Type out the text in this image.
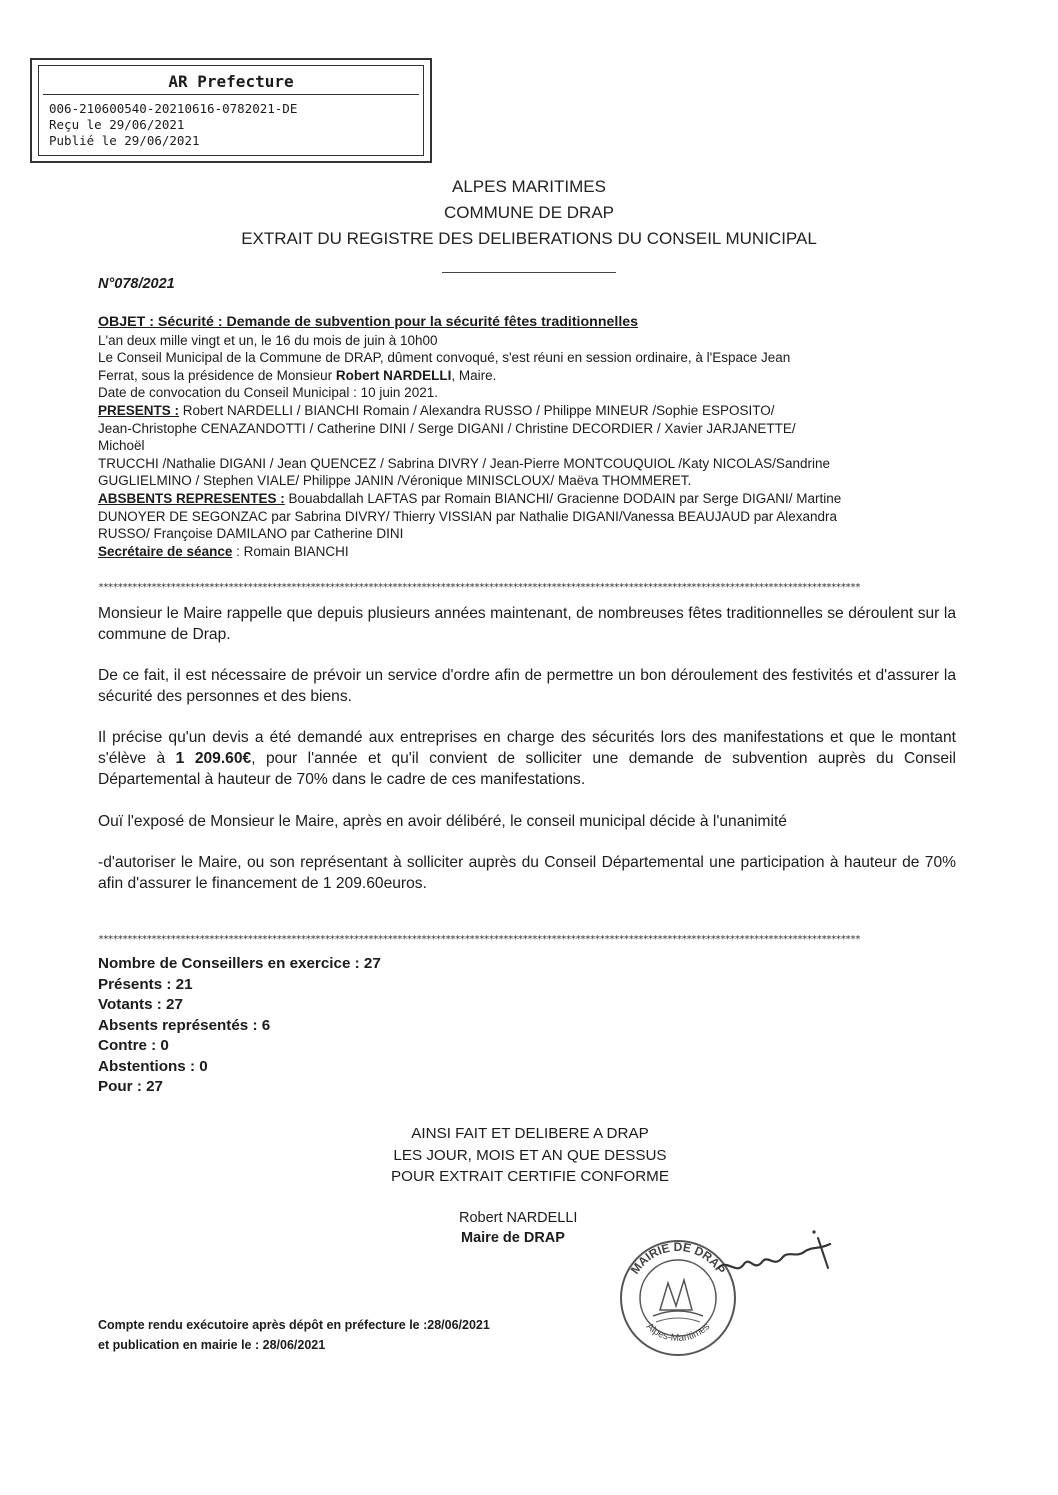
AR Prefecture
006-210600540-20210616-0782021-DE
Reçu le 29/06/2021
Publié le 29/06/2021
ALPES MARITIMES
COMMUNE DE DRAP
EXTRAIT DU REGISTRE DES DELIBERATIONS DU CONSEIL MUNICIPAL
N°078/2021
OBJET : Sécurité : Demande de subvention pour la sécurité fêtes traditionnelles
L'an deux mille vingt et un, le 16 du mois de juin à 10h00
Le Conseil Municipal de la Commune de DRAP, dûment convoqué, s'est réuni en session ordinaire, à l'Espace Jean
Ferrat, sous la présidence de Monsieur Robert NARDELLI, Maire.
Date de convocation du Conseil Municipal : 10 juin 2021.
PRESENTS : Robert NARDELLI / BIANCHI Romain / Alexandra RUSSO / Philippe MINEUR /Sophie ESPOSITO/
Jean-Christophe CENAZANDOTTI / Catherine DINI / Serge DIGANI / Christine DECORDIER / Xavier JARJANETTE/
Michoël
TRUCCHI /Nathalie DIGANI / Jean QUENCEZ / Sabrina DIVRY / Jean-Pierre MONTCOUQUIOL /Katy NICOLAS/Sandrine
GUGLIELMINO / Stephen VIALE/ Philippe JANIN /Véronique MINISCLOUX/ Maëva THOMMERET.
ABSBENTS REPRESENTES : Bouabdallah LAFTAS par Romain BIANCHI/ Gracienne DODAIN par Serge DIGANI/ Martine
DUNOYER DE SEGONZAC par Sabrina DIVRY/ Thierry VISSIAN par Nathalie DIGANI/Vanessa BEAUJAUD par Alexandra
RUSSO/ Françoise DAMILANO par Catherine DINI
Secrétaire de séance : Romain BIANCHI
**************************************************************************************************************************************************************
Monsieur le Maire rappelle que depuis plusieurs années maintenant, de nombreuses fêtes traditionnelles se déroulent sur la commune de Drap.
De ce fait, il est nécessaire de prévoir un service d'ordre afin de permettre un bon déroulement des festivités et d'assurer la sécurité des personnes et des biens.
Il précise qu'un devis a été demandé aux entreprises en charge des sécurités lors des manifestations et que le montant s'élève à 1 209.60€, pour l'année et qu'il convient de solliciter une demande de subvention auprès du Conseil Départemental à hauteur de 70% dans le cadre de ces manifestations.
Ouï l'exposé de Monsieur le Maire, après en avoir délibéré, le conseil municipal décide à l'unanimité
-d'autoriser le Maire, ou son représentant à solliciter auprès du Conseil Départemental une participation à hauteur de 70% afin d'assurer le financement de 1 209.60euros.
**************************************************************************************************************************************************************
Nombre de Conseillers en exercice : 27
Présents : 21
Votants : 27
Absents représentés : 6
Contre : 0
Abstentions : 0
Pour : 27
AINSI FAIT ET DELIBERE A DRAP
LES JOUR, MOIS ET AN QUE DESSUS
POUR EXTRAIT CERTIFIE CONFORME
Robert NARDELLI
Maire de DRAP
MAIRIE DE DRAP
Alpes-Maritimes
Compte rendu exécutoire après dépôt en préfecture le :28/06/2021
et publication en mairie le : 28/06/2021
